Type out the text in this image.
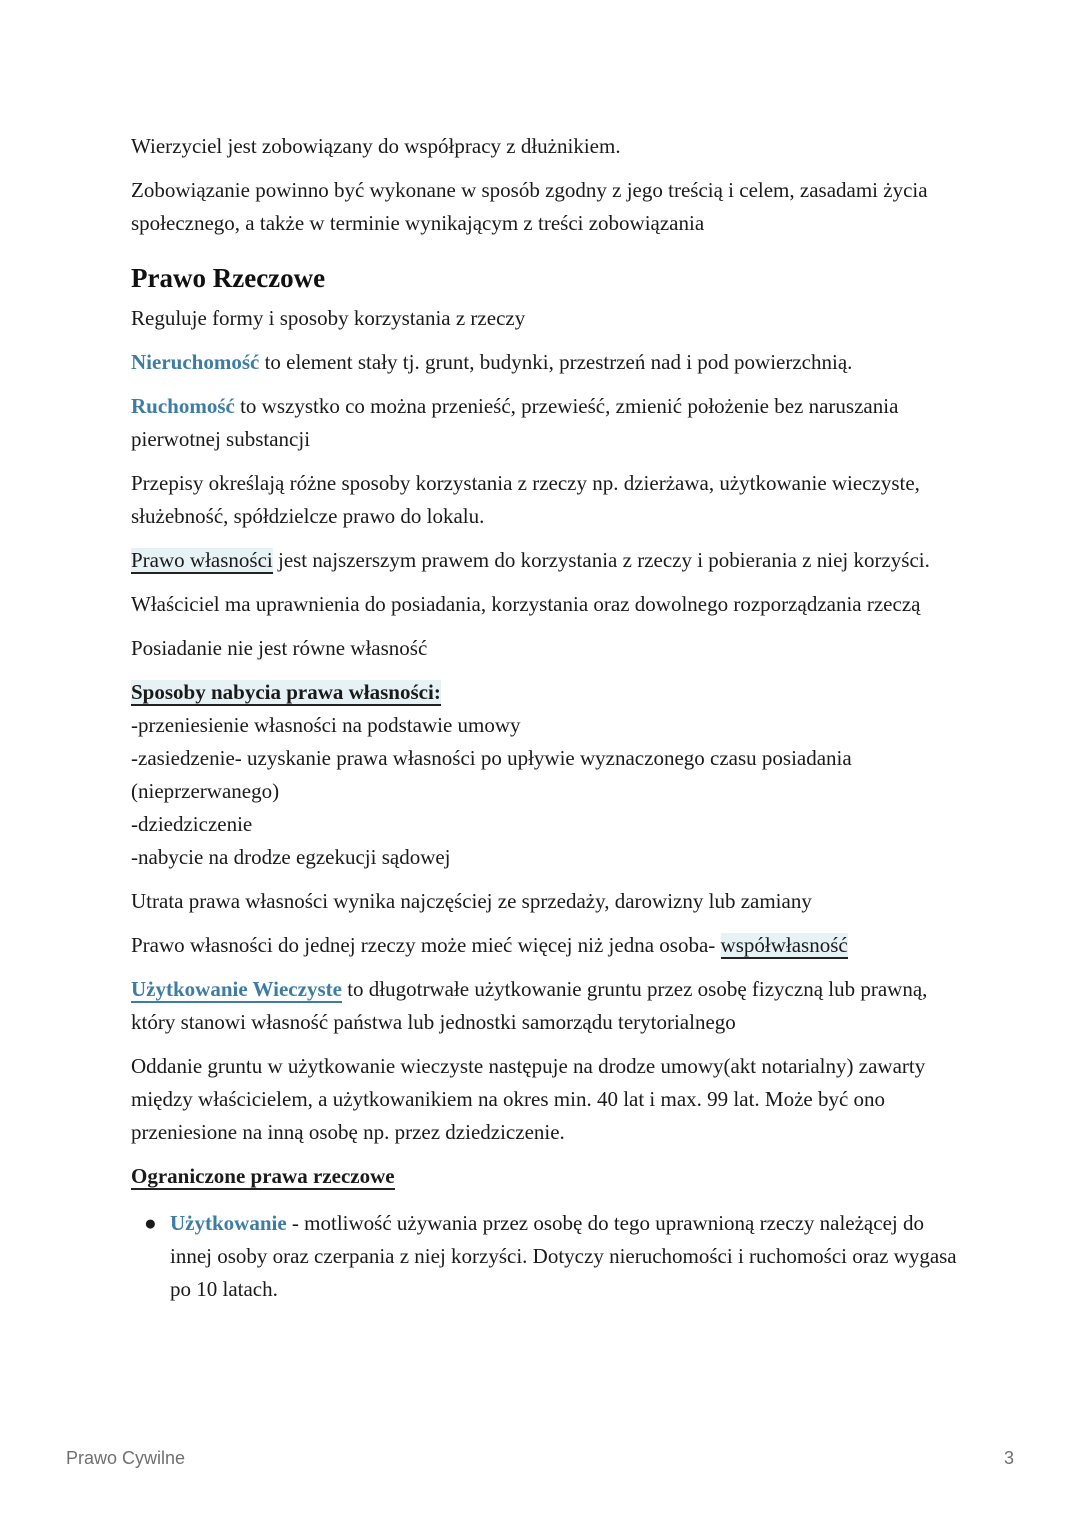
Wierzyciel jest zobowiązany do współpracy z dłużnikiem.

Zobowiązanie powinno być wykonane w sposób zgodny z jego treścią i celem, zasadami życia społecznego, a także w terminie wynikającym z treści zobowiązania

Prawo Rzeczowe

Reguluje formy i sposoby korzystania z rzeczy

Nieruchomość to element stały tj. grunt, budynki, przestrzeń nad i pod powierzchnią.

Ruchomość to wszystko co można przenieść, przewieść, zmienić położenie bez naruszania pierwotnej substancji

Przepisy określają różne sposoby korzystania z rzeczy np. dzierżawa, użytkowanie wieczyste, służebność, spółdzielcze prawo do lokalu.

Prawo własności jest najszerszym prawem do korzystania z rzeczy i pobierania z niej korzyści.

Właściciel ma uprawnienia do posiadania, korzystania oraz dowolnego rozporządzania rzeczą

Posiadanie nie jest równe własność

Sposoby nabycia prawa własności:
-przeniesienie własności na podstawie umowy
-zasiedzenie- uzyskanie prawa własności po upływie wyznaczonego czasu posiadania (nieprzerwanego)
-dziedziczenie
-nabycie na drodze egzekucji sądowej

Utrata prawa własności wynika najczęściej ze sprzedaży, darowizny lub zamiany

Prawo własności do jednej rzeczy może mieć więcej niż jedna osoba- współwłasność

Użytkowanie Wieczyste to długotrwałe użytkowanie gruntu przez osobę fizyczną lub prawną, który stanowi własność państwa lub jednostki samorządu terytorialnego

Oddanie gruntu w użytkowanie wieczyste następuje na drodze umowy(akt notarialny) zawarty między właścicielem, a użytkowanikiem na okres min. 40 lat i max. 99 lat. Może być ono przeniesione na inną osobę np. przez dziedziczenie.

Ograniczone prawa rzeczowe

● Użytkowanie - motliwość używania przez osobę do tego uprawnioną rzeczy należącej do innej osoby oraz czerpania z niej korzyści. Dotyczy nieruchomości i ruchomości oraz wygasa po 10 latach.
Prawo Cywilne	3
